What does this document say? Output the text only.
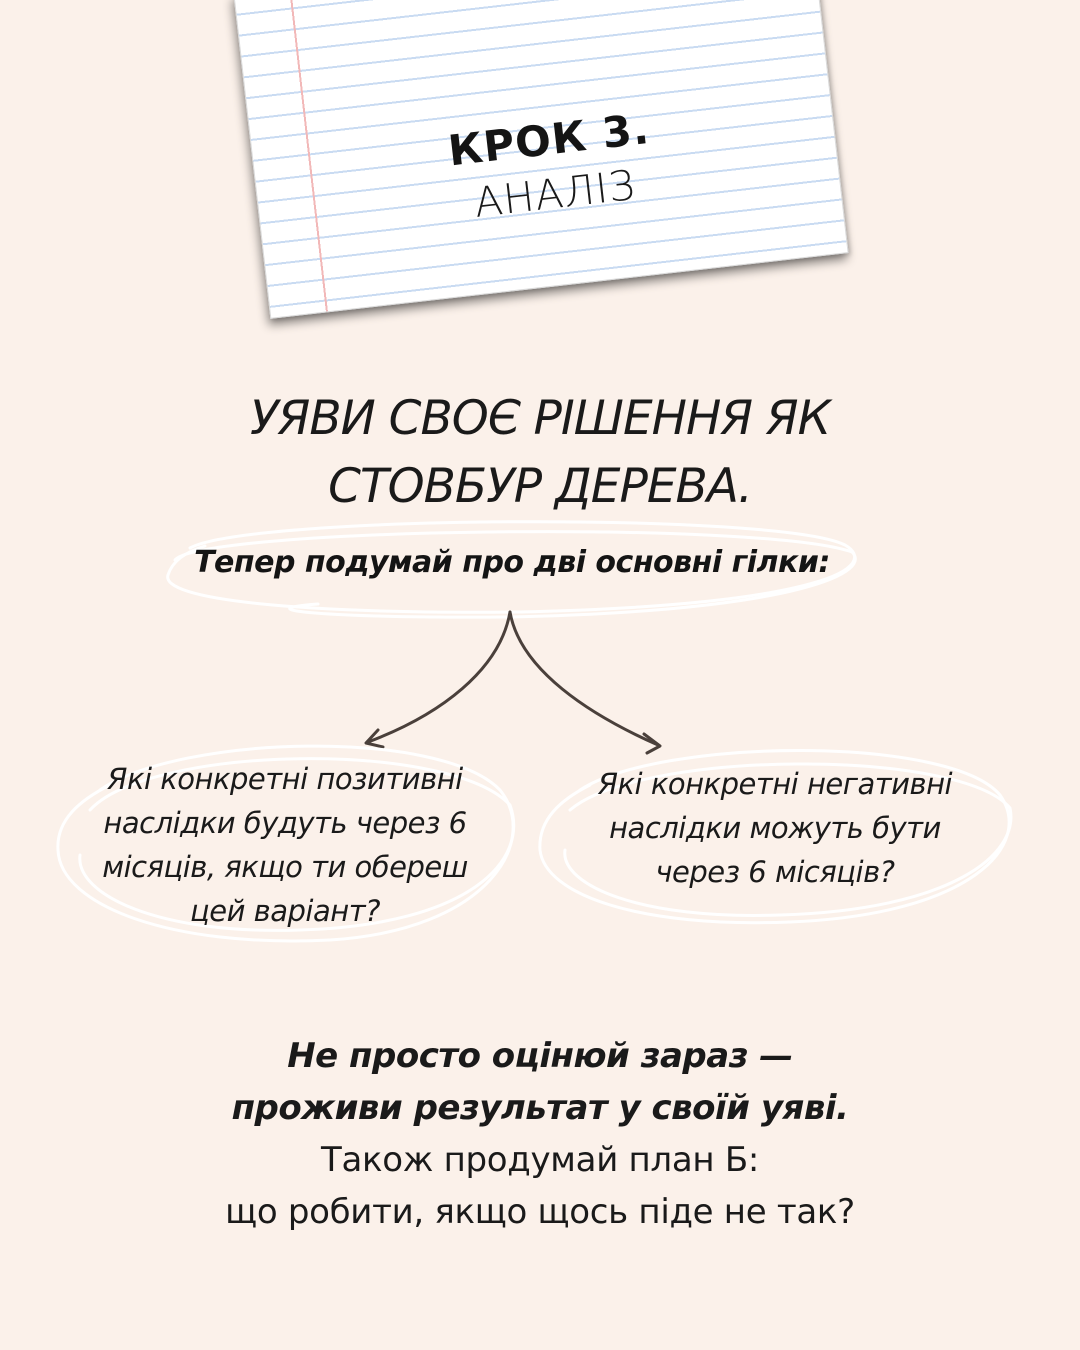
КРОК 3.
АНАЛІЗ
УЯВИ СВОЄ РІШЕННЯ ЯК
СТОВБУР ДЕРЕВА.
Тепер подумай про дві основні гілки:
Які конкретні позитивні
наслідки будуть через 6
місяців, якщо ти обереш
цей варіант?
Які конкретні негативні
наслідки можуть бути
через 6 місяців?
Не просто оцінюй зараз —
проживи результат у своїй уяві.
Також продумай план Б:
що робити, якщо щось піде не так?
